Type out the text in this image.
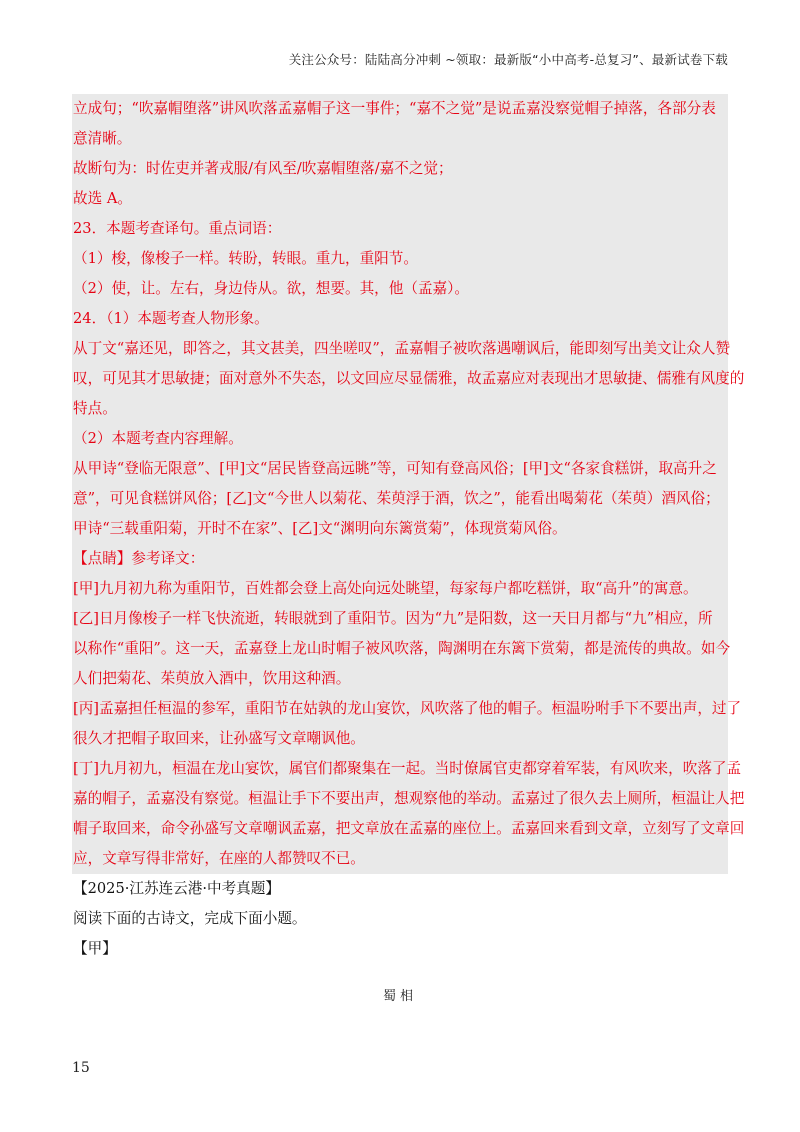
关注公众号：陆陆高分冲刺 ~领取：最新版“小中高考-总复习”、最新试卷下载
立成句；“吹嘉帽堕落”讲风吹落孟嘉帽子这一事件；“嘉不之觉”是说孟嘉没察觉帽子掉落，各部分表
意清晰。
故断句为：时佐吏并著戎服/有风至/吹嘉帽堕落/嘉不之觉；
故选 A。
23．本题考查译句。重点词语：
（1）梭，像梭子一样。转盼，转眼。重九，重阳节。
（2）使，让。左右，身边侍从。欲，想要。其，他（孟嘉）。
24．（1）本题考查人物形象。
从丁文“嘉还见，即答之，其文甚美，四坐嗟叹”，孟嘉帽子被吹落遇嘲讽后，能即刻写出美文让众人赞
叹，可见其才思敏捷；面对意外不失态，以文回应尽显儒雅，故孟嘉应对表现出才思敏捷、儒雅有风度的
特点。
（2）本题考查内容理解。
从甲诗“登临无限意”、[甲]文“居民皆登高远眺”等，可知有登高风俗；[甲]文“各家食糕饼，取高升之
意”，可见食糕饼风俗；[乙]文“今世人以菊花、茱萸浮于酒，饮之”，能看出喝菊花（茱萸）酒风俗；
甲诗“三载重阳菊，开时不在家”、[乙]文“渊明向东篱赏菊”，体现赏菊风俗。
【点睛】参考译文：
[甲]九月初九称为重阳节，百姓都会登上高处向远处眺望，每家每户都吃糕饼，取“高升”的寓意。
[乙]日月像梭子一样飞快流逝，转眼就到了重阳节。因为“九”是阳数，这一天日月都与“九”相应，所
以称作“重阳”。这一天，孟嘉登上龙山时帽子被风吹落，陶渊明在东篱下赏菊，都是流传的典故。如今
人们把菊花、茱萸放入酒中，饮用这种酒。
[丙]孟嘉担任桓温的参军，重阳节在姑孰的龙山宴饮，风吹落了他的帽子。桓温吩咐手下不要出声，过了
很久才把帽子取回来，让孙盛写文章嘲讽他。
[丁]九月初九，桓温在龙山宴饮，属官们都聚集在一起。当时僚属官吏都穿着军装，有风吹来，吹落了孟
嘉的帽子，孟嘉没有察觉。桓温让手下不要出声，想观察他的举动。孟嘉过了很久去上厕所，桓温让人把
帽子取回来，命令孙盛写文章嘲讽孟嘉，把文章放在孟嘉的座位上。孟嘉回来看到文章，立刻写了文章回
应，文章写得非常好，在座的人都赞叹不已。
【2025·江苏连云港·中考真题】
阅读下面的古诗文，完成下面小题。
【甲】
蜀相
15
